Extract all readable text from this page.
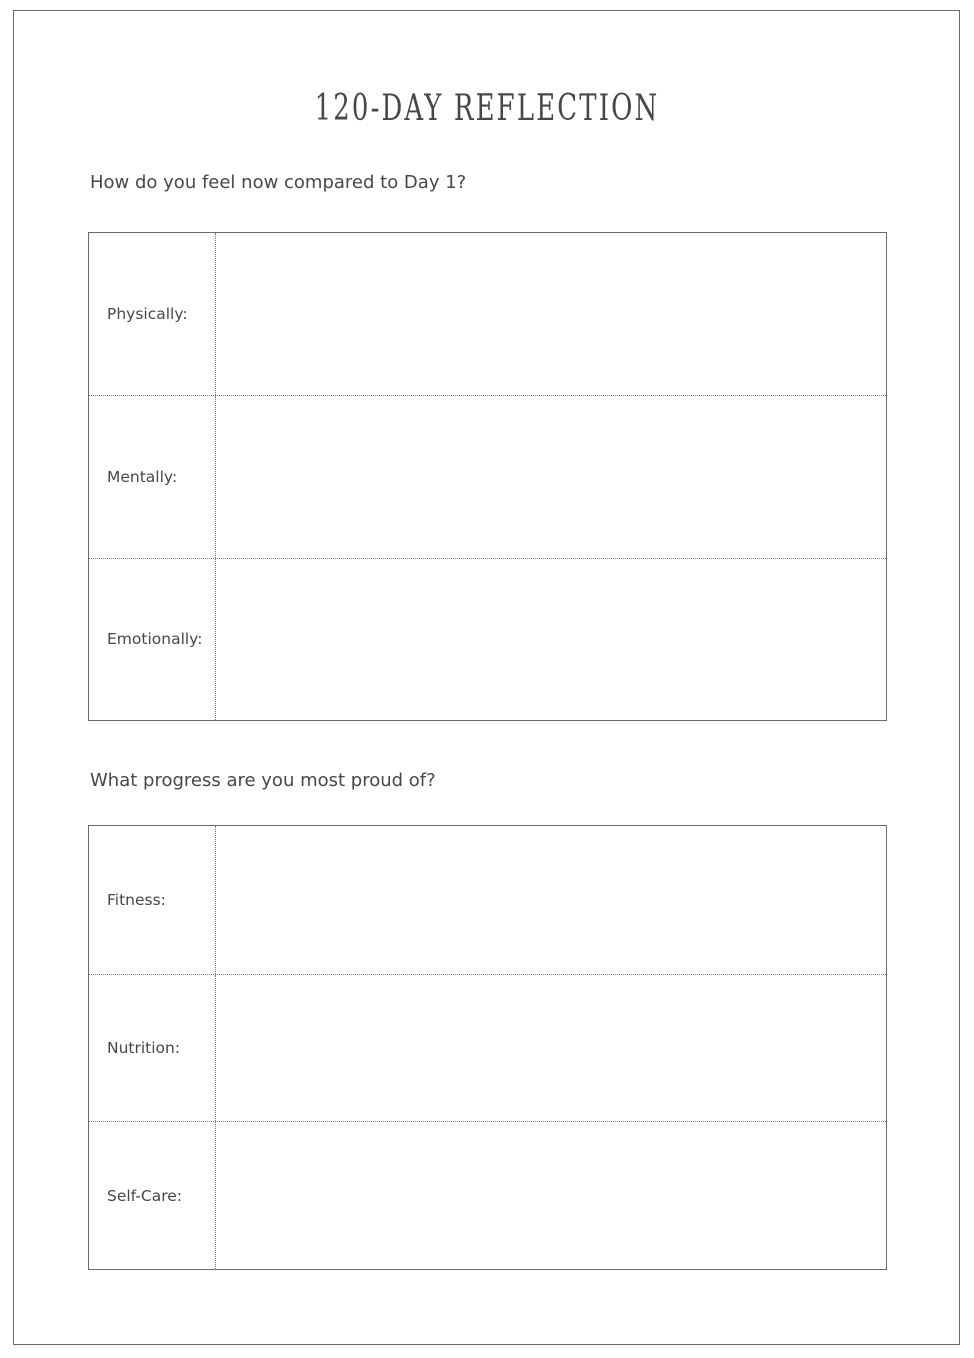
120-DAY REFLECTION
How do you feel now compared to Day 1?
Physically:
Mentally:
Emotionally:
What progress are you most proud of?
Fitness:
Nutrition:
Self-Care:
